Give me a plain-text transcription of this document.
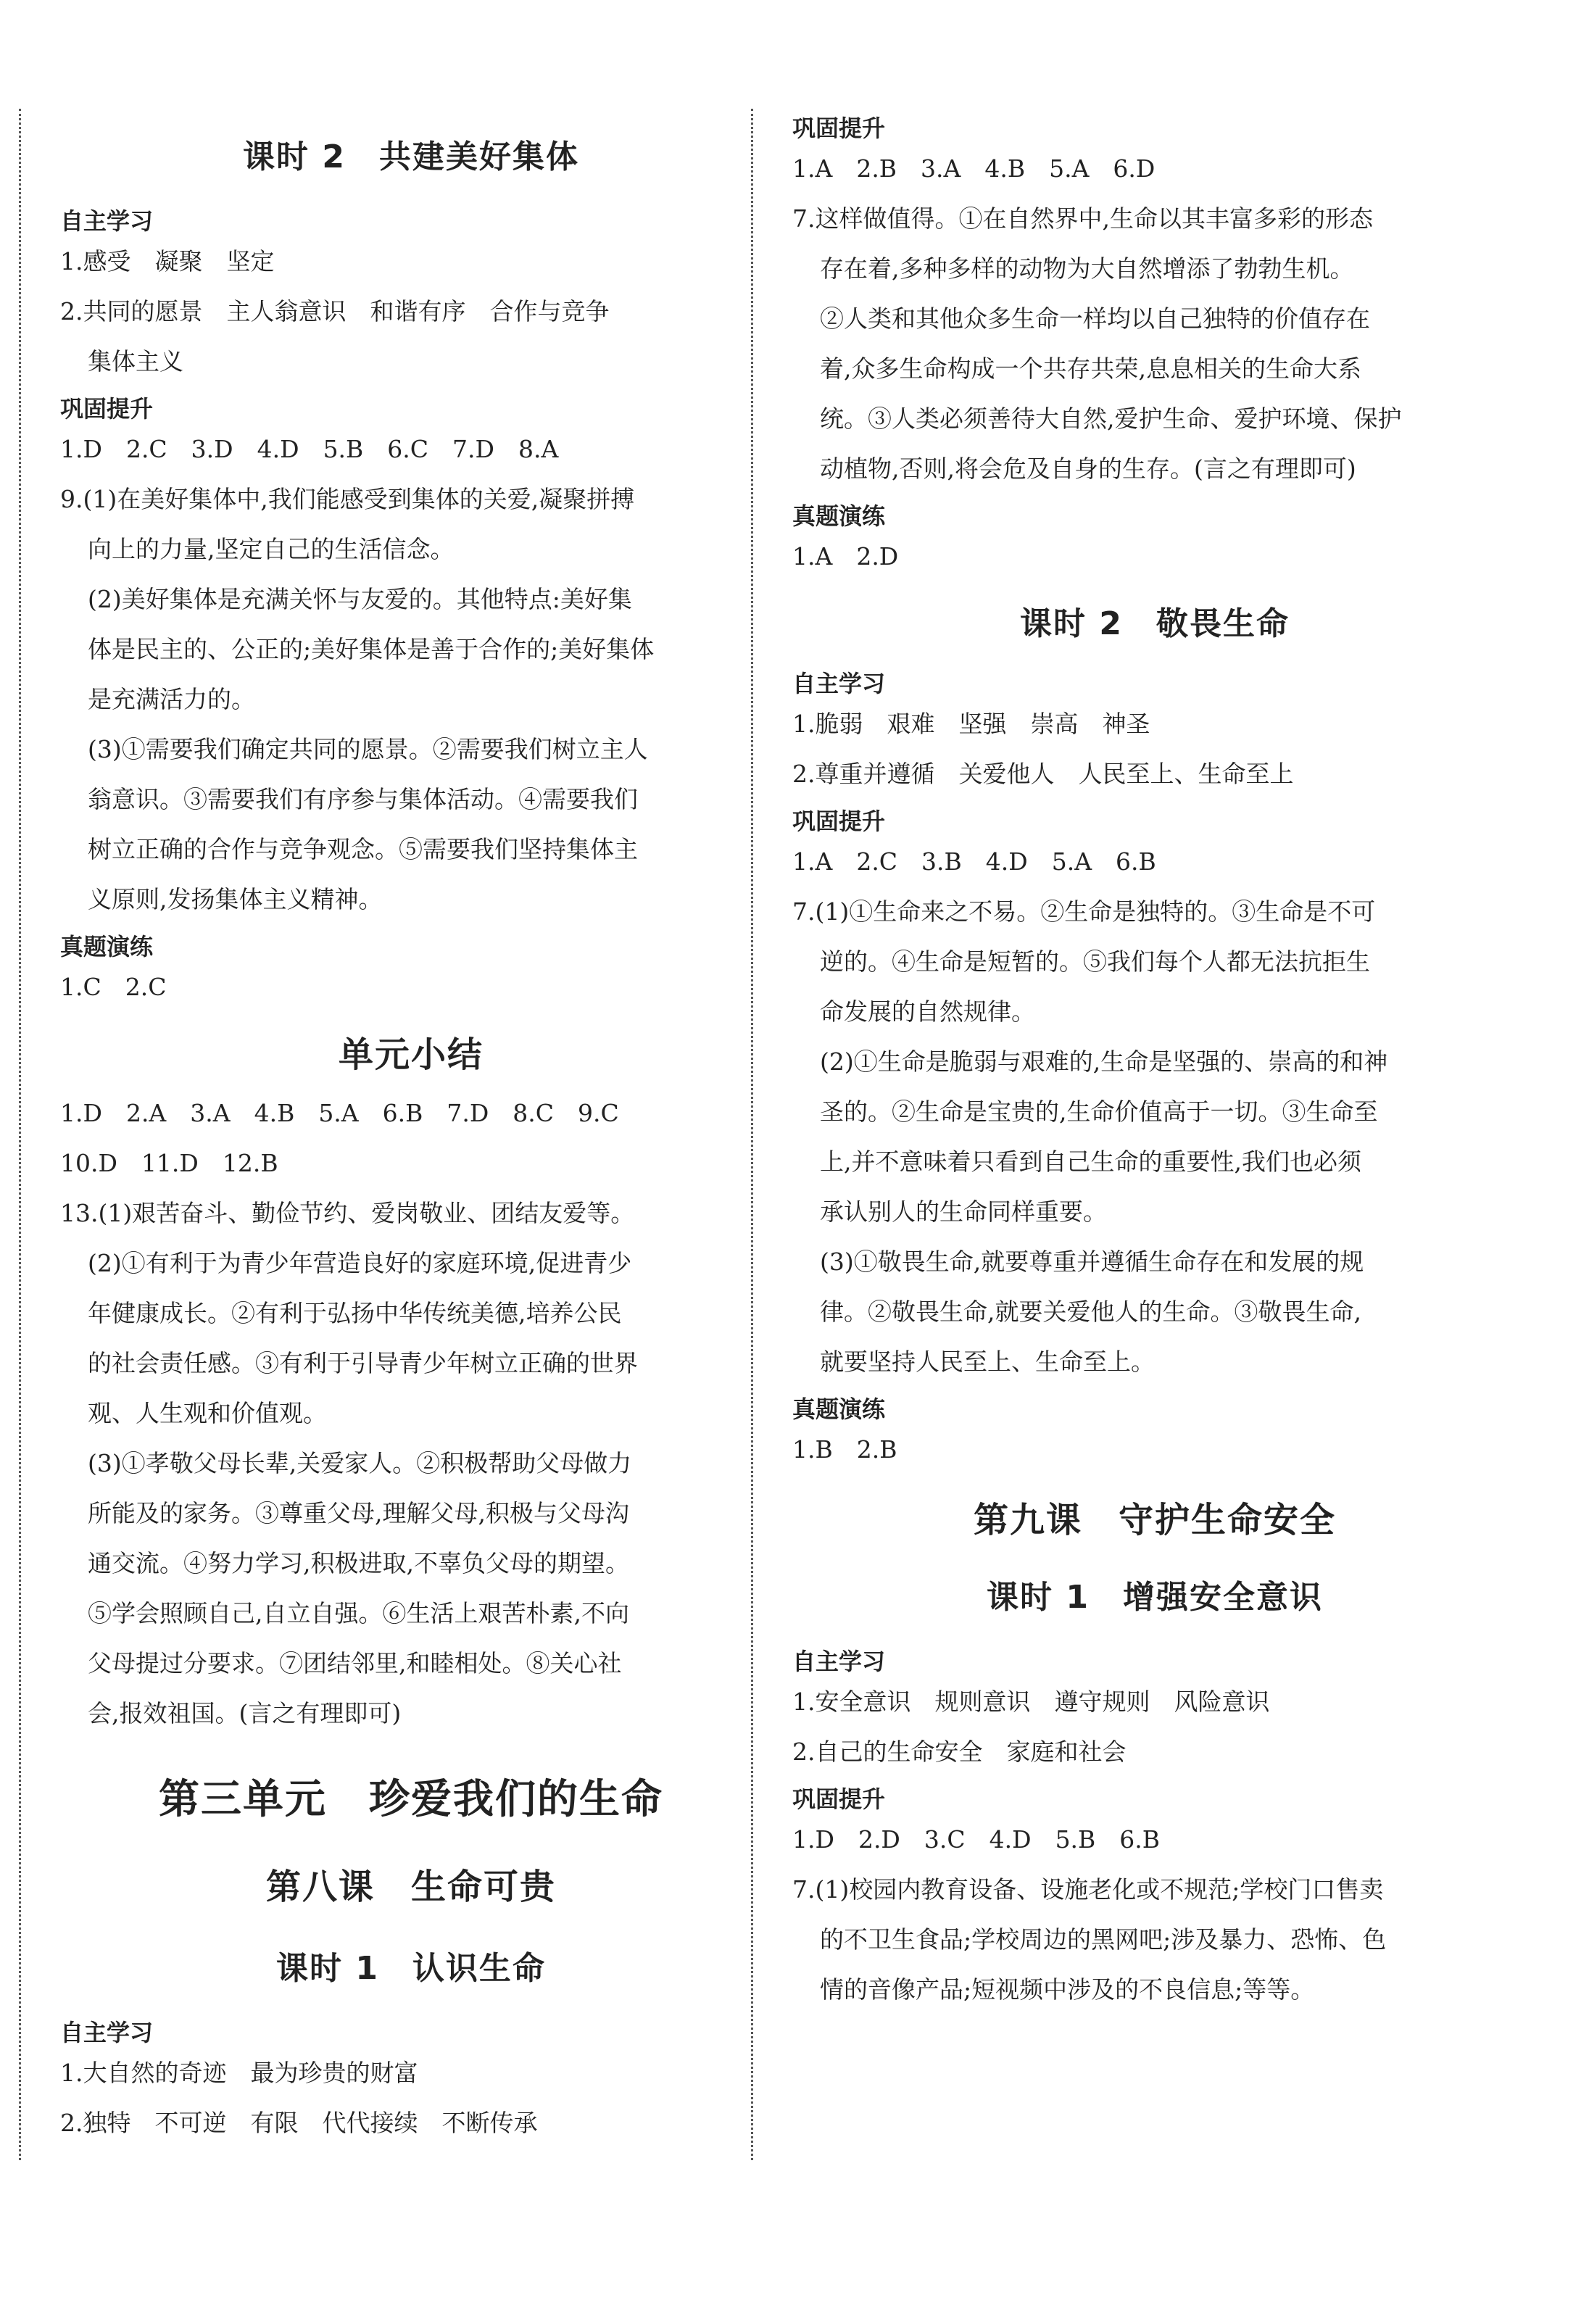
课时 2　共建美好集体
自主学习
1.感受　凝聚　坚定
2.共同的愿景　主人翁意识　和谐有序　合作与竞争
集体主义
巩固提升
1.D　2.C　3.D　4.D　5.B　6.C　7.D　8.A
9.(1)在美好集体中,我们能感受到集体的关爱,凝聚拼搏
向上的力量,坚定自己的生活信念。
(2)美好集体是充满关怀与友爱的。其他特点:美好集
体是民主的、公正的;美好集体是善于合作的;美好集体
是充满活力的。
(3)①需要我们确定共同的愿景。②需要我们树立主人
翁意识。③需要我们有序参与集体活动。④需要我们
树立正确的合作与竞争观念。⑤需要我们坚持集体主
义原则,发扬集体主义精神。
真题演练
1.C　2.C
单元小结
1.D　2.A　3.A　4.B　5.A　6.B　7.D　8.C　9.C
10.D　11.D　12.B
13.(1)艰苦奋斗、勤俭节约、爱岗敬业、团结友爱等。
(2)①有利于为青少年营造良好的家庭环境,促进青少
年健康成长。②有利于弘扬中华传统美德,培养公民
的社会责任感。③有利于引导青少年树立正确的世界
观、人生观和价值观。
(3)①孝敬父母长辈,关爱家人。②积极帮助父母做力
所能及的家务。③尊重父母,理解父母,积极与父母沟
通交流。④努力学习,积极进取,不辜负父母的期望。
⑤学会照顾自己,自立自强。⑥生活上艰苦朴素,不向
父母提过分要求。⑦团结邻里,和睦相处。⑧关心社
会,报效祖国。(言之有理即可)
第三单元　珍爱我们的生命
第八课　生命可贵
课时 1　认识生命
自主学习
1.大自然的奇迹　最为珍贵的财富
2.独特　不可逆　有限　代代接续　不断传承
巩固提升
1.A　2.B　3.A　4.B　5.A　6.D
7.这样做值得。①在自然界中,生命以其丰富多彩的形态
存在着,多种多样的动物为大自然增添了勃勃生机。
②人类和其他众多生命一样均以自己独特的价值存在
着,众多生命构成一个共存共荣,息息相关的生命大系
统。③人类必须善待大自然,爱护生命、爱护环境、保护
动植物,否则,将会危及自身的生存。(言之有理即可)
真题演练
1.A　2.D
课时 2　敬畏生命
自主学习
1.脆弱　艰难　坚强　崇高　神圣
2.尊重并遵循　关爱他人　人民至上、生命至上
巩固提升
1.A　2.C　3.B　4.D　5.A　6.B
7.(1)①生命来之不易。②生命是独特的。③生命是不可
逆的。④生命是短暂的。⑤我们每个人都无法抗拒生
命发展的自然规律。
(2)①生命是脆弱与艰难的,生命是坚强的、崇高的和神
圣的。②生命是宝贵的,生命价值高于一切。③生命至
上,并不意味着只看到自己生命的重要性,我们也必须
承认别人的生命同样重要。
(3)①敬畏生命,就要尊重并遵循生命存在和发展的规
律。②敬畏生命,就要关爱他人的生命。③敬畏生命,
就要坚持人民至上、生命至上。
真题演练
1.B　2.B
第九课　守护生命安全
课时 1　增强安全意识
自主学习
1.安全意识　规则意识　遵守规则　风险意识
2.自己的生命安全　家庭和社会
巩固提升
1.D　2.D　3.C　4.D　5.B　6.B
7.(1)校园内教育设备、设施老化或不规范;学校门口售卖
的不卫生食品;学校周边的黑网吧;涉及暴力、恐怖、色
情的音像产品;短视频中涉及的不良信息;等等。
